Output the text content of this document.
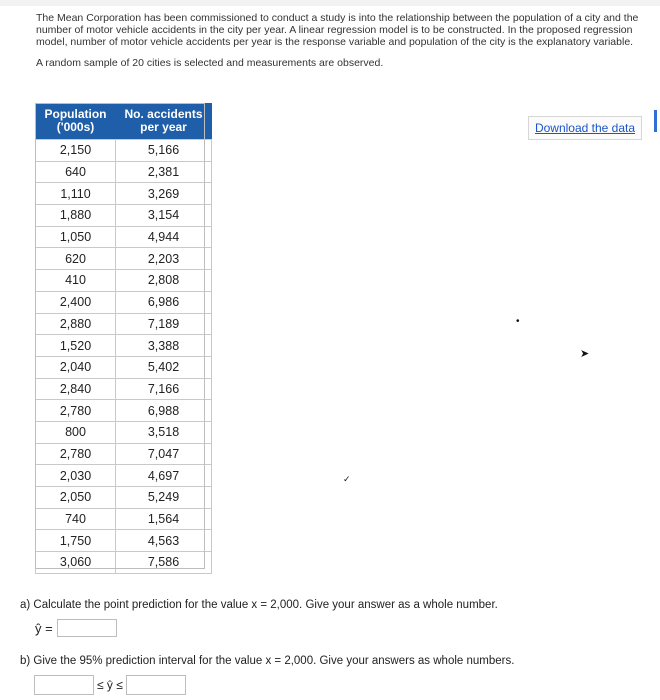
The Mean Corporation has been commissioned to conduct a study is into the relationship between the population of a city and the number of motor vehicle accidents in the city per year. A linear regression model is to be constructed. In the proposed regression model, number of motor vehicle accidents per year is the response variable and population of the city is the explanatory variable.

A random sample of 20 cities is selected and measurements are observed.

Download the data
Population
('000s)	No. accidents
per year
2,150	5,166
640	2,381
1,110	3,269
1,880	3,154
1,050	4,944
620	2,203
410	2,808
2,400	6,986
2,880	7,189
1,520	3,388
2,040	5,402
2,840	7,166
2,780	6,988
800	3,518
2,780	7,047
2,030	4,697
2,050	5,249
740	1,564
1,750	4,563
3,060	7,586
•
➤
✓
a) Calculate the point prediction for the value x = 2,000. Give your answer as a whole number.
ŷ =
b) Give the 95% prediction interval for the value x = 2,000. Give your answers as whole numbers.
≤ ŷ ≤
